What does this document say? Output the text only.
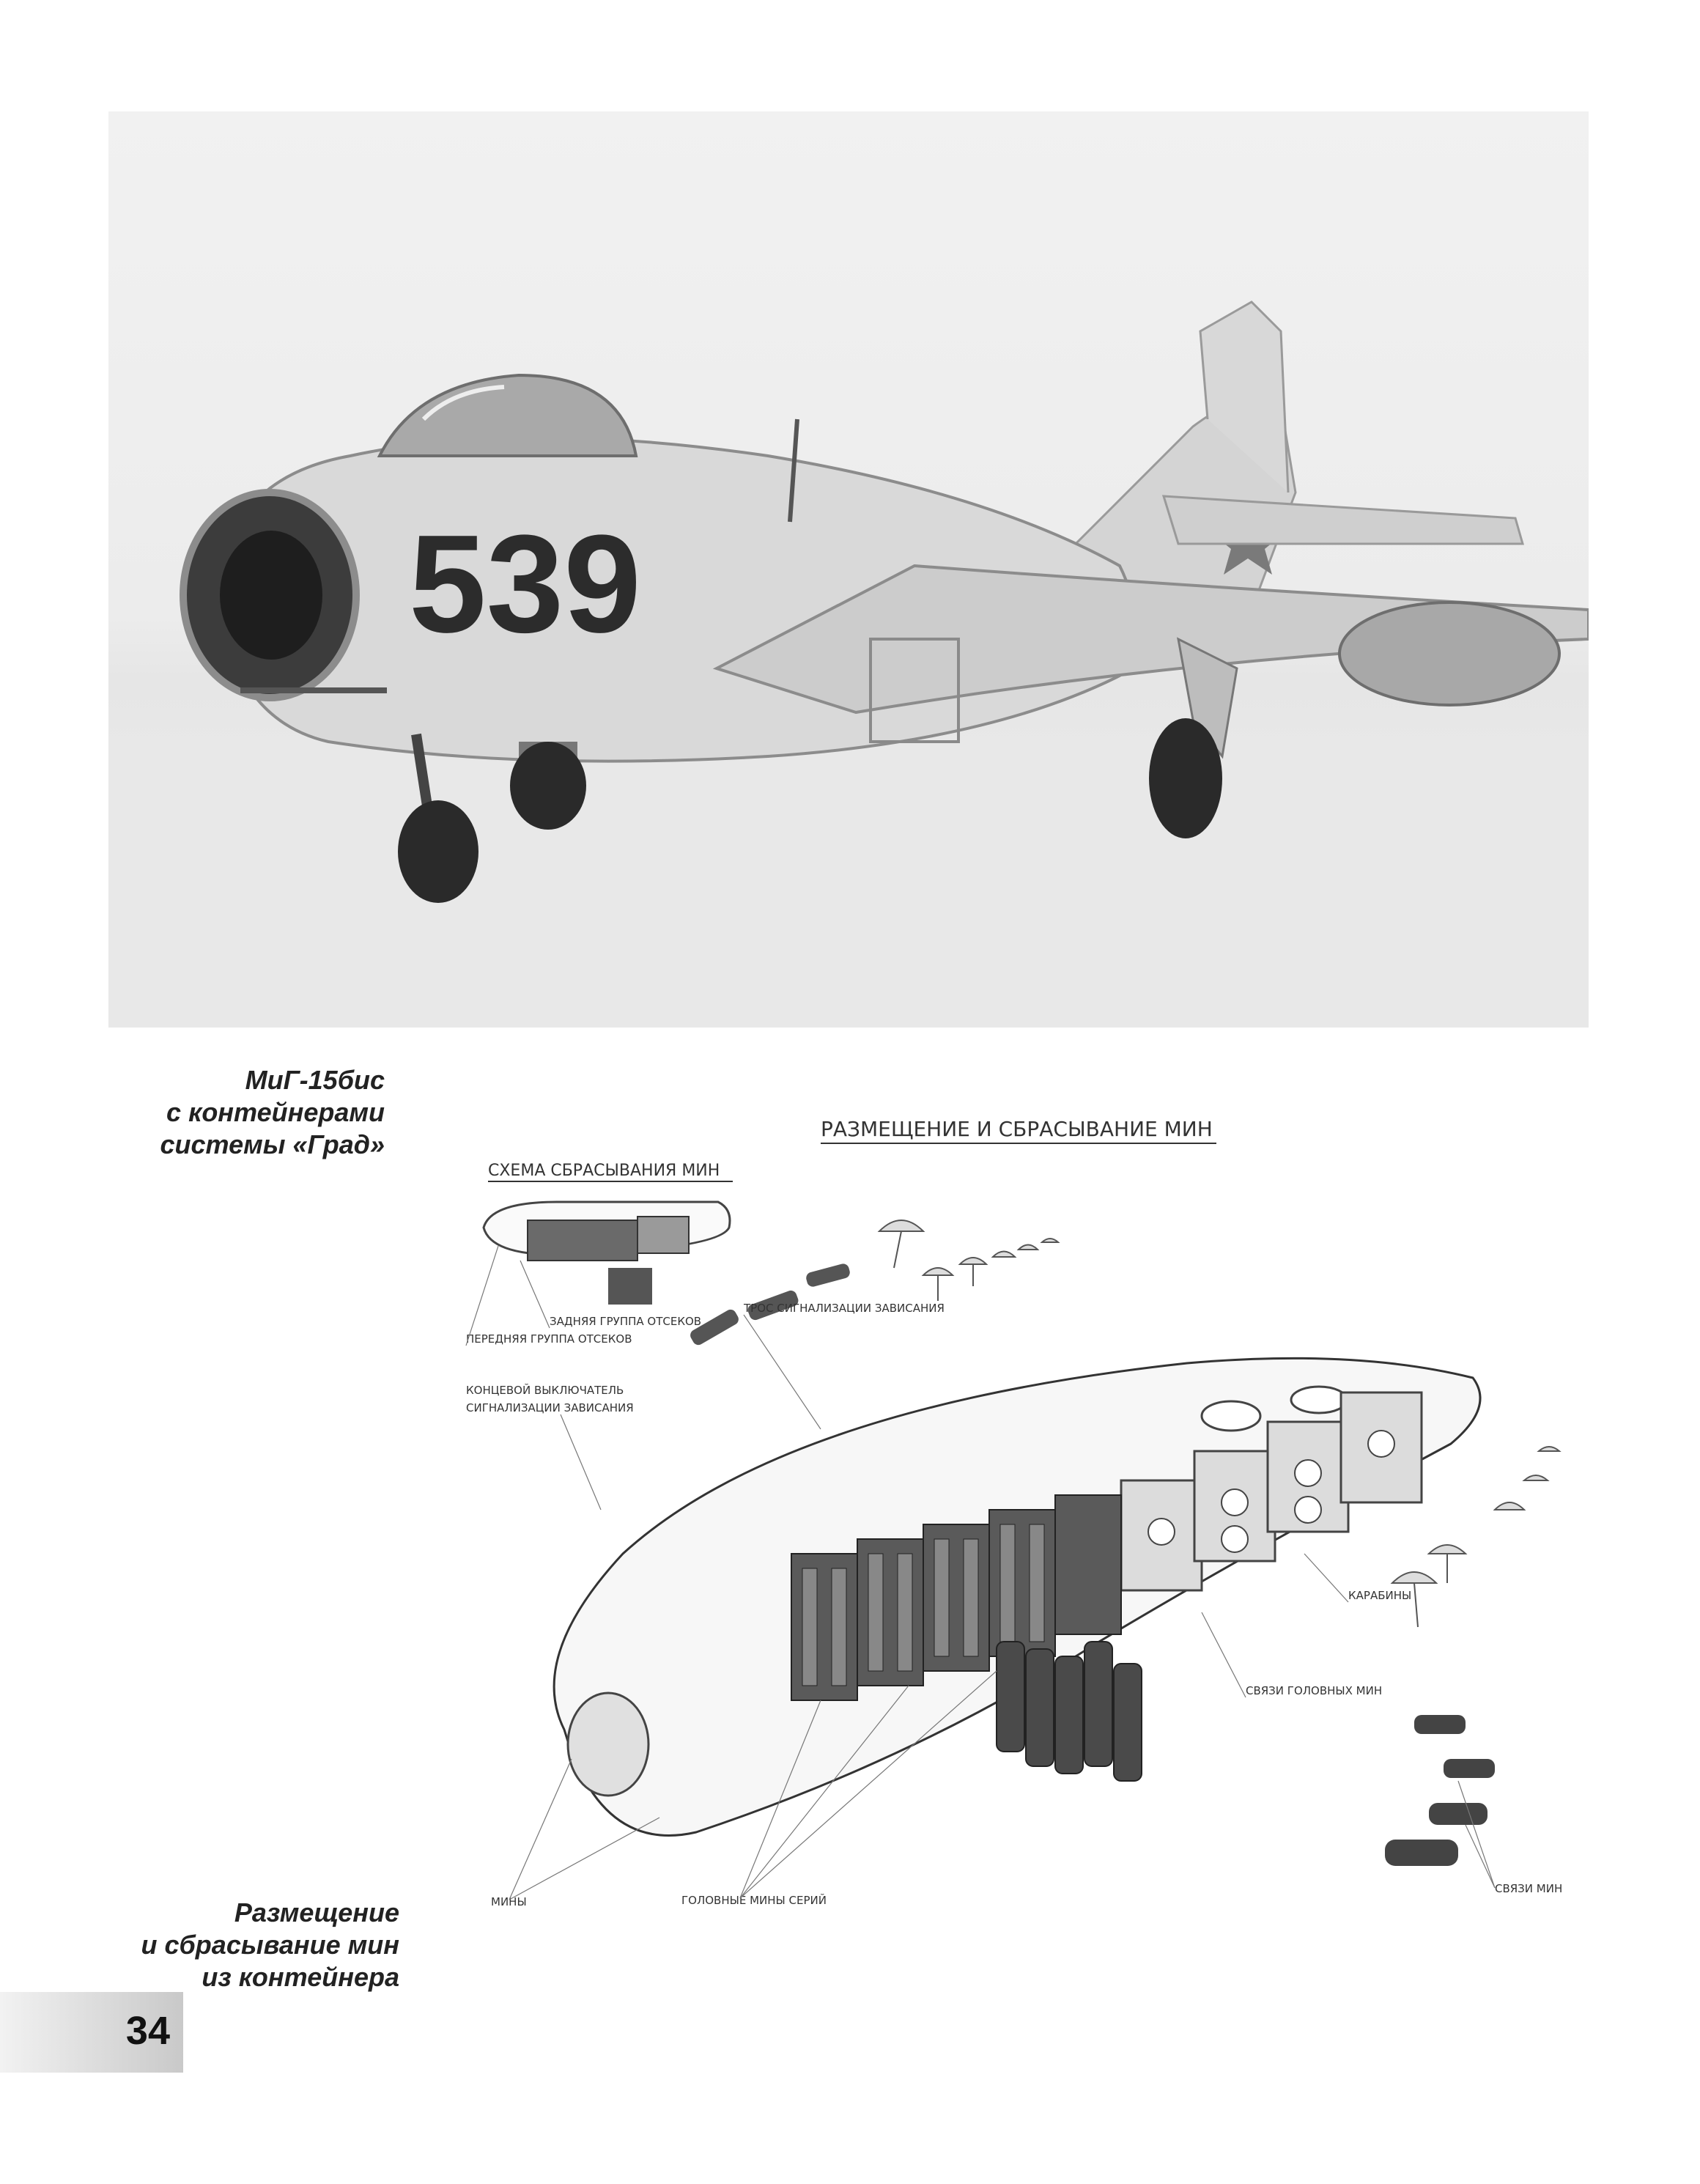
539
МиГ-15бис
с контейнерами
системы «Град»
Размещение
и сбрасывание мин
из контейнера
РАЗМЕЩЕНИЕ И СБРАСЫВАНИЕ МИН
СХЕМА СБРАСЫВАНИЯ МИН
ЗАДНЯЯ ГРУППА ОТСЕКОВ
ПЕРЕДНЯЯ ГРУППА ОТСЕКОВ
ТРОС СИГНАЛИЗАЦИИ ЗАВИСАНИЯ
КОНЦЕВОЙ ВЫКЛЮЧАТЕЛЬ
СИГНАЛИЗАЦИИ ЗАВИСАНИЯ
КАРАБИНЫ
СВЯЗИ ГОЛОВНЫХ МИН
МИНЫ	ГОЛОВНЫЕ МИНЫ СЕРИЙ
СВЯЗИ МИН
34
